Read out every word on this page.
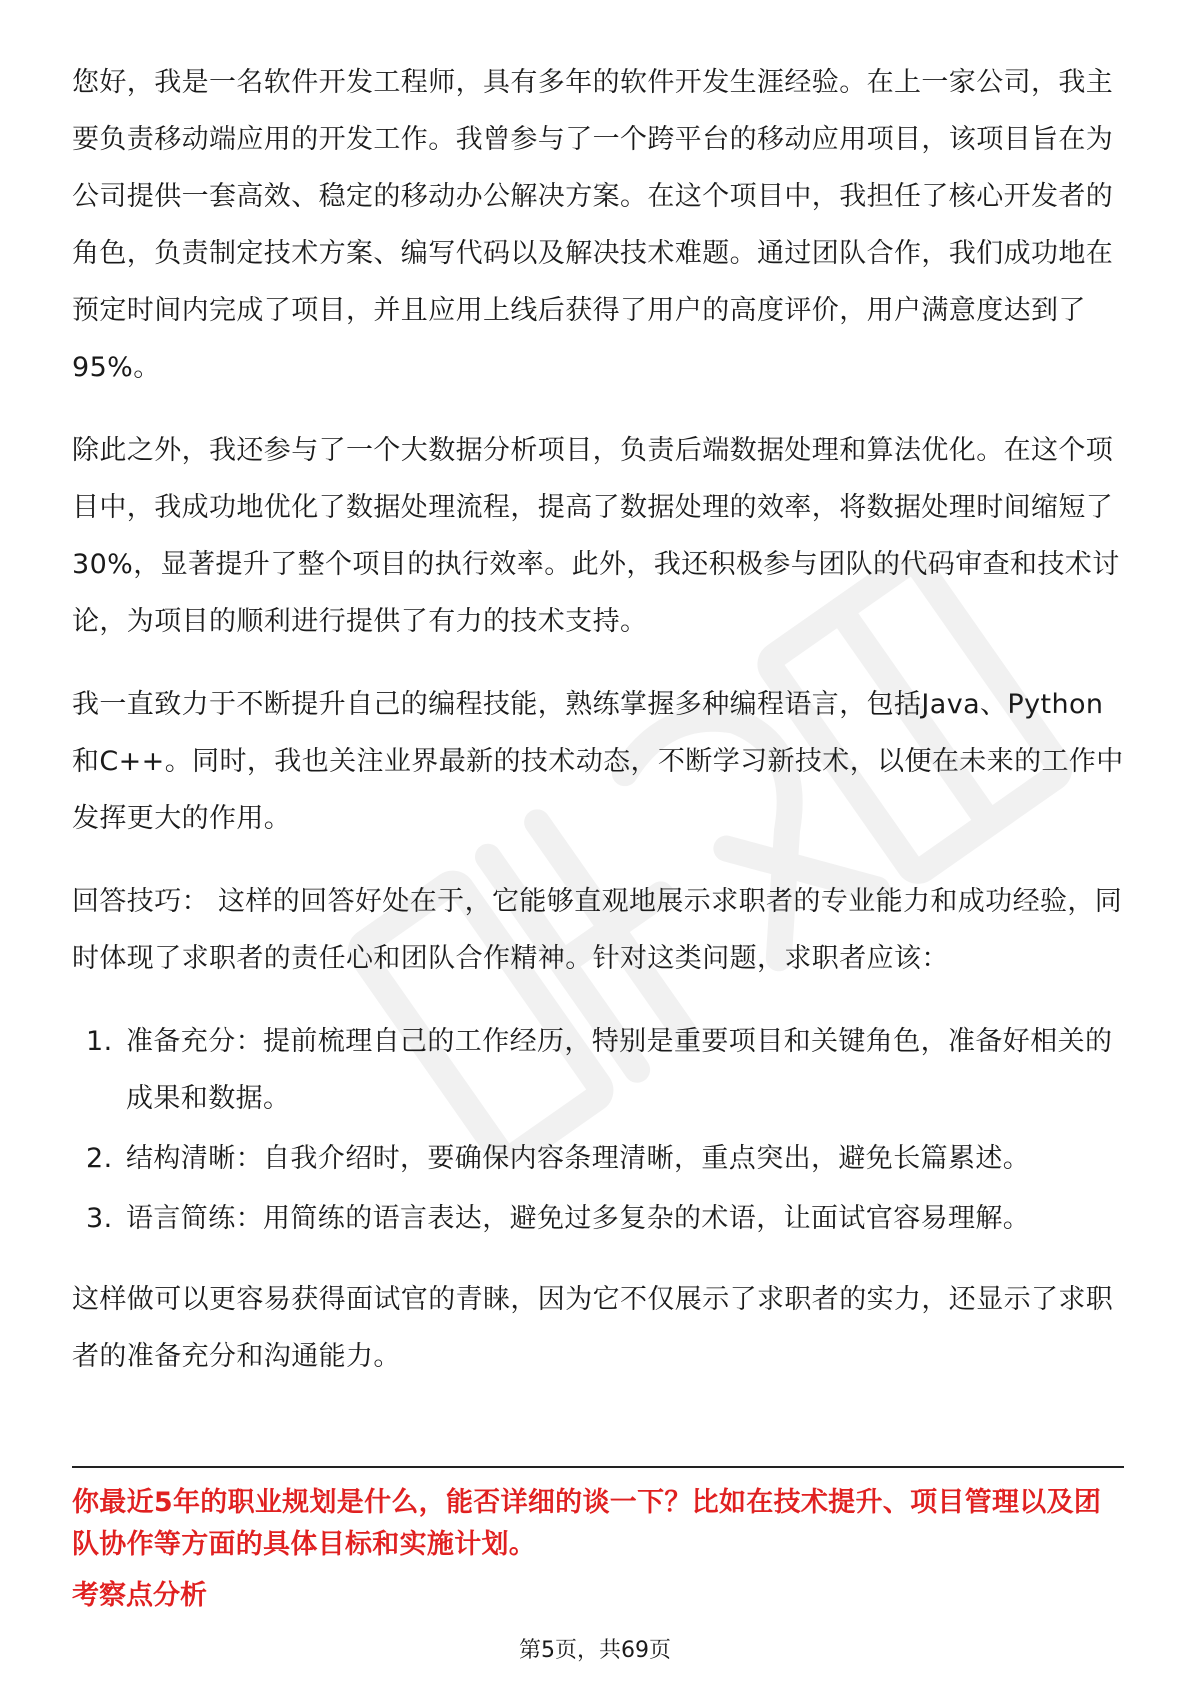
您好，我是一名软件开发工程师，具有多年的软件开发生涯经验。在上一家公司，我主要负责移动端应用的开发工作。我曾参与了一个跨平台的移动应用项目，该项目旨在为公司提供一套高效、稳定的移动办公解决方案。在这个项目中，我担任了核心开发者的角色，负责制定技术方案、编写代码以及解决技术难题。通过团队合作，我们成功地在预定时间内完成了项目，并且应用上线后获得了用户的高度评价，用户满意度达到了95%。

除此之外，我还参与了一个大数据分析项目，负责后端数据处理和算法优化。在这个项目中，我成功地优化了数据处理流程，提高了数据处理的效率，将数据处理时间缩短了30%，显著提升了整个项目的执行效率。此外，我还积极参与团队的代码审查和技术讨论，为项目的顺利进行提供了有力的技术支持。

我一直致力于不断提升自己的编程技能，熟练掌握多种编程语言，包括Java、Python和C++。同时，我也关注业界最新的技术动态，不断学习新技术，以便在未来的工作中发挥更大的作用。

回答技巧： 这样的回答好处在于，它能够直观地展示求职者的专业能力和成功经验，同时体现了求职者的责任心和团队合作精神。针对这类问题，求职者应该：

1. 准备充分：提前梳理自己的工作经历，特别是重要项目和关键角色，准备好相关的成果和数据。
2. 结构清晰：自我介绍时，要确保内容条理清晰，重点突出，避免长篇累述。
3. 语言简练：用简练的语言表达，避免过多复杂的术语，让面试官容易理解。

这样做可以更容易获得面试官的青睐，因为它不仅展示了求职者的实力，还显示了求职者的准备充分和沟通能力。

你最近5年的职业规划是什么，能否详细的谈一下？比如在技术提升、项目管理以及团队协作等方面的具体目标和实施计划。
考察点分析
第5页，共69页
